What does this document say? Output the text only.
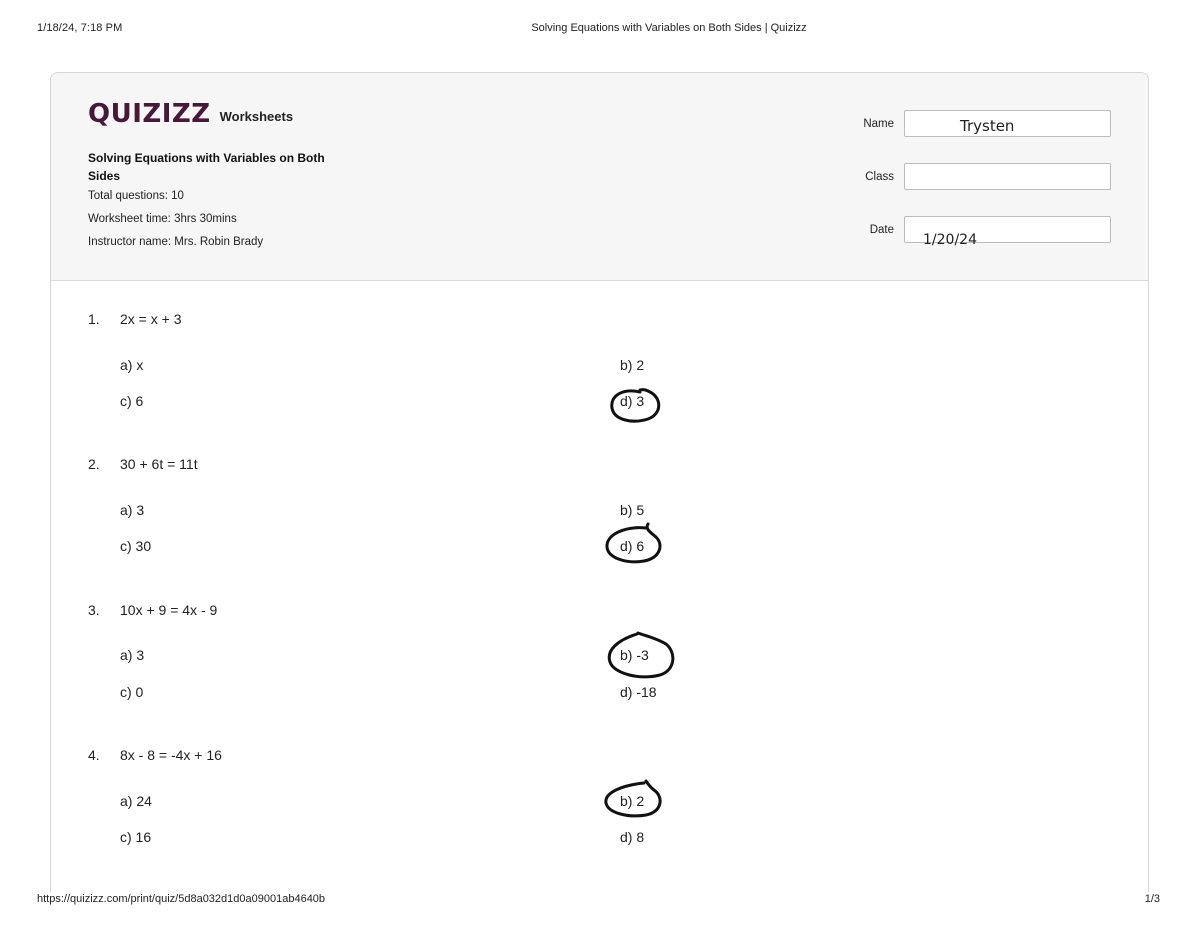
1/18/24, 7:18 PM	Solving Equations with Variables on Both Sides | Quizizz
QUIZIZZ Worksheets
Solving Equations with Variables on Both Sides
Total questions: 10
Worksheet time: 3hrs 30mins
Instructor name: Mrs. Robin Brady
Name	Trysten
Class
Date
1/20/24
1. 2x = x + 3
a) x	b) 2
c) 6	d) 3
2. 30 + 6t = 11t
a) 3	b) 5
c) 30	d) 6
3. 10x + 9 = 4x - 9
a) 3	b) -3
c) 0	d) -18
4. 8x - 8 = -4x + 16
a) 24	b) 2
c) 16	d) 8
https://quizizz.com/print/quiz/5d8a032d1d0a09001ab4640b	1/3
